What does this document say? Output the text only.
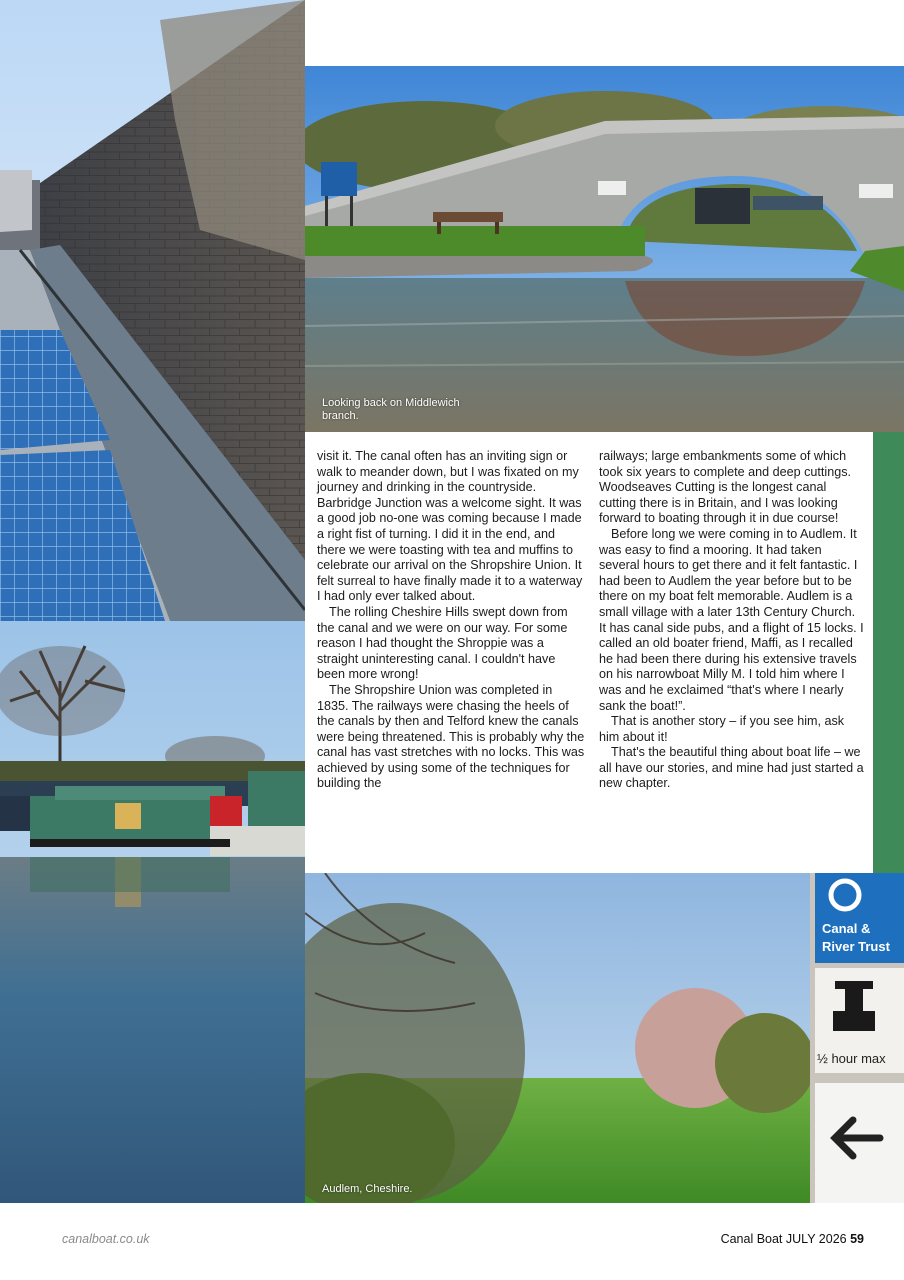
Looking back on Middlewich branch.
Canal &
River Trust
½ hour max
Audlem, Cheshire.

visit it. The canal often has an inviting sign or walk to meander down, but I was fixated on my journey and drinking in the countryside. Barbridge Junction was a welcome sight. It was a good job no-one was coming because I made a right fist of turning. I did it in the end, and there we were toasting with tea and muffins to celebrate our arrival on the Shropshire Union. It felt surreal to have finally made it to a waterway I had only ever talked about.

The rolling Cheshire Hills swept down from the canal and we were on our way. For some reason I had thought the Shroppie was a straight uninteresting canal. I couldn't have been more wrong!

The Shropshire Union was completed in 1835. The railways were chasing the heels of the canals by then and Telford knew the canals were being threatened. This is probably why the canal has vast stretches with no locks. This was achieved by using some of the techniques for building the

railways; large embankments some of which took six years to complete and deep cuttings. Woodseaves Cutting is the longest canal cutting there is in Britain, and I was looking forward to boating through it in due course!

Before long we were coming in to Audlem. It was easy to find a mooring. It had taken several hours to get there and it felt fantastic. I had been to Audlem the year before but to be there on my boat felt memorable. Audlem is a small village with a later 13th Century Church. It has canal side pubs, and a flight of 15 locks. I called an old boater friend, Maffi, as I recalled he had been there during his extensive travels on his narrowboat Milly M. I told him where I was and he exclaimed “that's where I nearly sank the boat!”.

That is another story – if you see him, ask him about it!

That's the beautiful thing about boat life – we all have our stories, and mine had just started a new chapter.

canalboat.co.uk	Canal Boat JULY 2026 59
